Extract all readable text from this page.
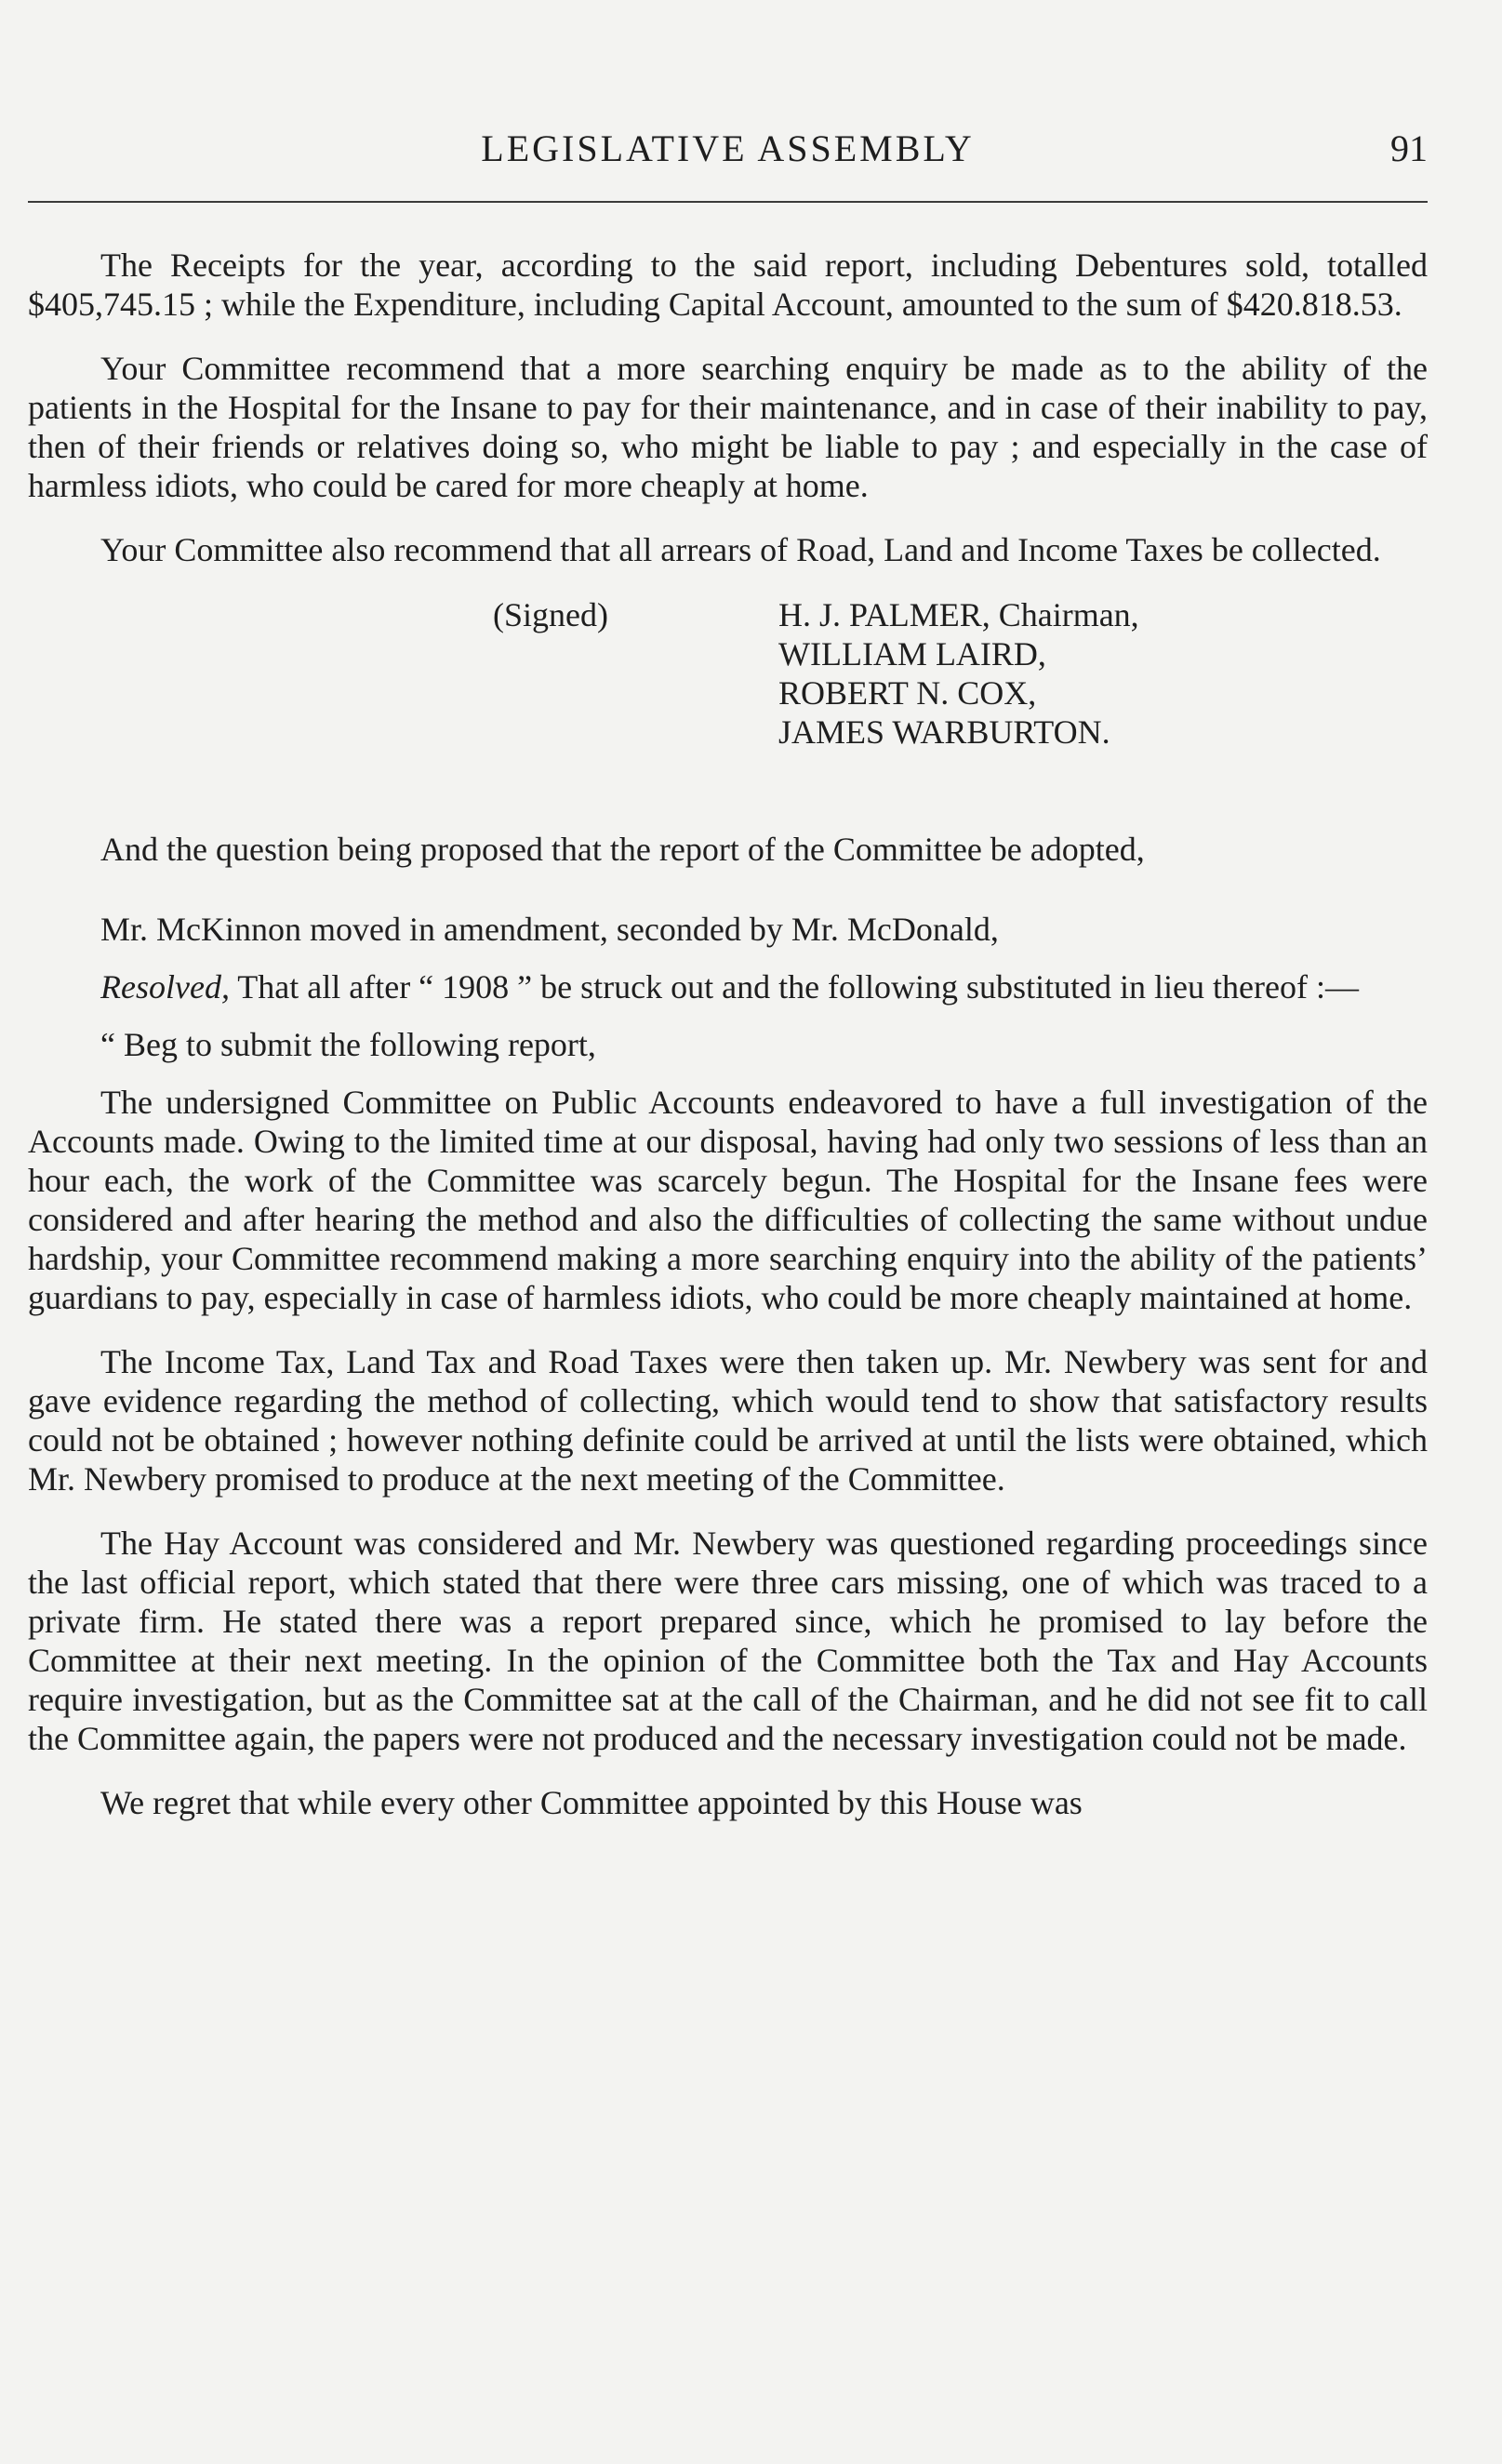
LEGISLATIVE ASSEMBLY	91

The Receipts for the year, according to the said report, including Debentures sold, totalled $405,745.15 ; while the Expenditure, including Capital Account, amounted to the sum of $420.818.53.

Your Committee recommend that a more searching enquiry be made as to the ability of the patients in the Hospital for the Insane to pay for their maintenance, and in case of their inability to pay, then of their friends or relatives doing so, who might be liable to pay ; and especially in the case of harmless idiots, who could be cared for more cheaply at home.

Your Committee also recommend that all arrears of Road, Land and Income Taxes be collected.

(Signed)	H. J. PALMER, Chairman,
WILLIAM LAIRD,
ROBERT N. COX,
JAMES WARBURTON.

And the question being proposed that the report of the Committee be adopted,

Mr. McKinnon moved in amendment, seconded by Mr. McDonald,

Resolved, That all after “ 1908 ” be struck out and the following substituted in lieu thereof :—

“ Beg to submit the following report,

The undersigned Committee on Public Accounts endeavored to have a full investigation of the Accounts made. Owing to the limited time at our disposal, having had only two sessions of less than an hour each, the work of the Committee was scarcely begun. The Hospital for the Insane fees were considered and after hearing the method and also the difficulties of collecting the same without undue hardship, your Committee recommend making a more searching enquiry into the ability of the patients’ guardians to pay, especially in case of harmless idiots, who could be more cheaply maintained at home.

The Income Tax, Land Tax and Road Taxes were then taken up. Mr. Newbery was sent for and gave evidence regarding the method of collecting, which would tend to show that satisfactory results could not be obtained ; however nothing definite could be arrived at until the lists were obtained, which Mr. Newbery promised to produce at the next meeting of the Committee.

The Hay Account was considered and Mr. Newbery was questioned regarding proceedings since the last official report, which stated that there were three cars missing, one of which was traced to a private firm. He stated there was a report prepared since, which he promised to lay before the Committee at their next meeting. In the opinion of the Committee both the Tax and Hay Accounts require investigation, but as the Committee sat at the call of the Chairman, and he did not see fit to call the Committee again, the papers were not produced and the necessary investigation could not be made.

We regret that while every other Committee appointed by this House was
